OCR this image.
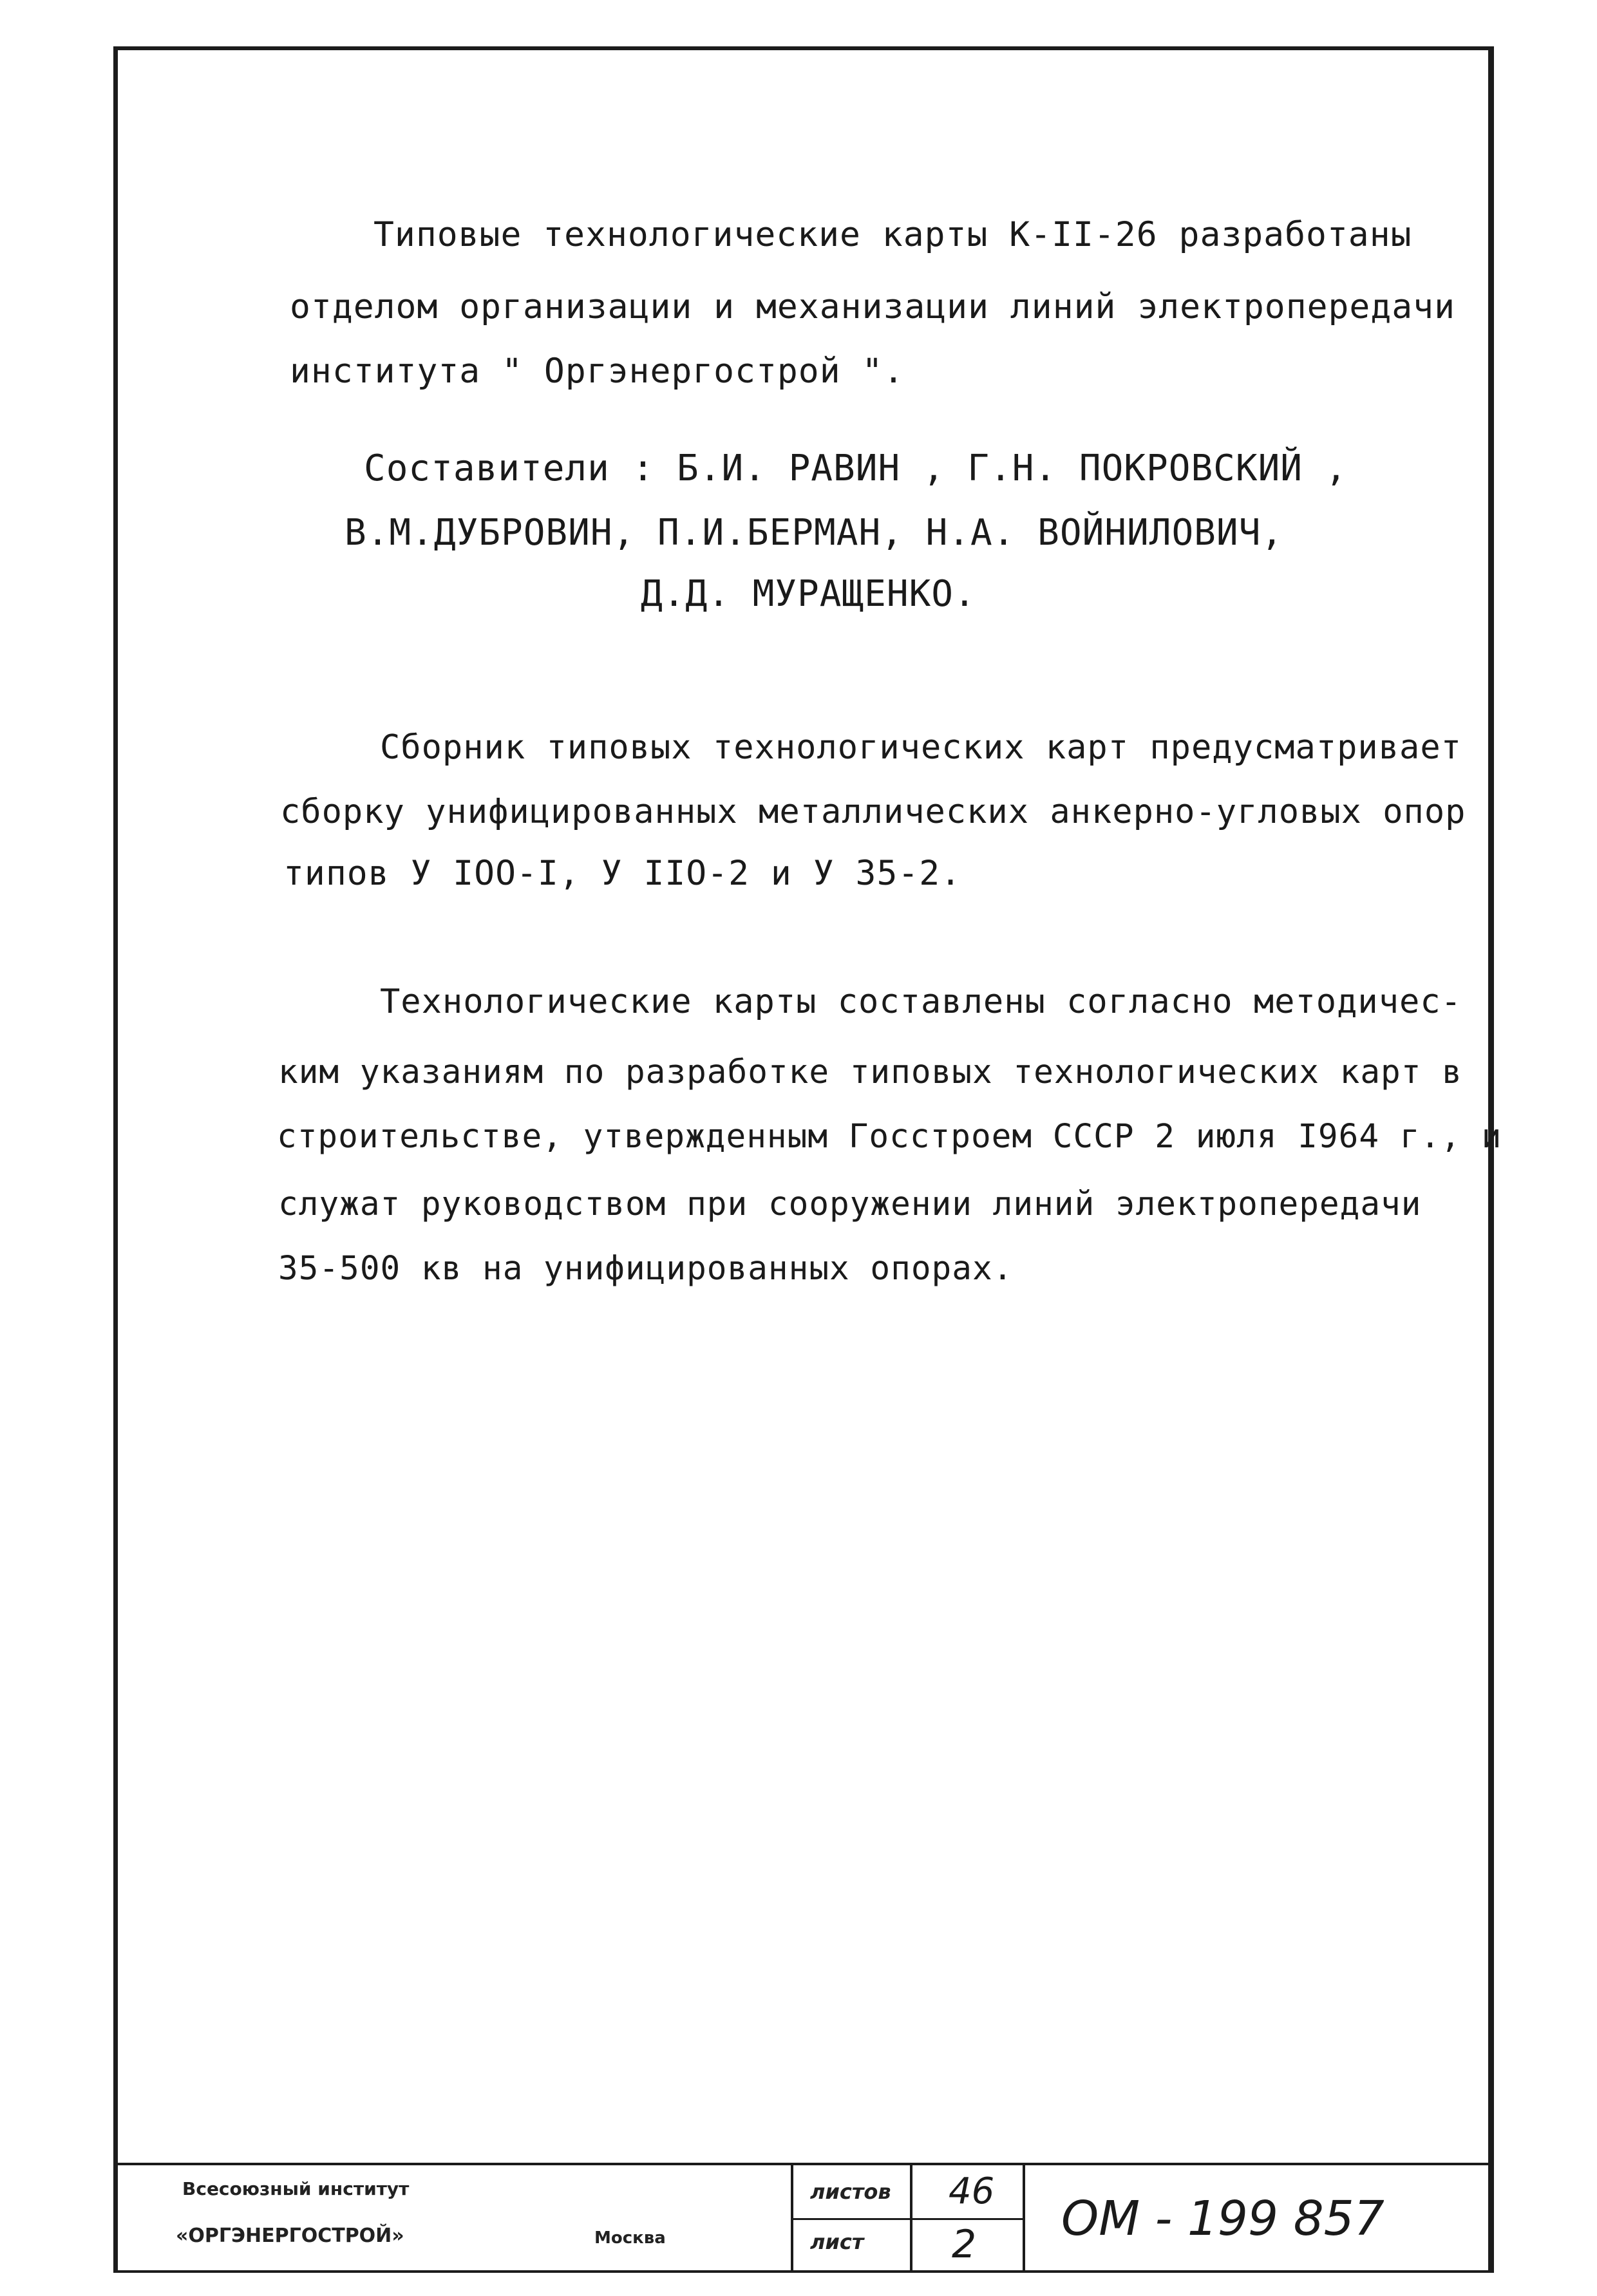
Типовые технологические карты К-II-26 разработаны
отделом организации и механизации линий электропередачи
института " Оргэнергострой ".
Составители : Б.И. РАВИН , Г.Н. ПОКРОВСКИЙ ,
В.М.ДУБРОВИН, П.И.БЕРМАН, Н.А. ВОЙНИЛОВИЧ,
Д.Д. МУРАЩЕНКО.
Сборник типовых технологических карт предусматривает
сборку унифицированных металлических анкерно-угловых опор
типов У IOO-I, У IIO-2 и У 35-2.
Технологические карты составлены согласно методичес-
ким указаниям по разработке типовых технологических карт в
строительстве, утвержденным Госстроем СССР 2 июля I964 г., и
служат руководством при сооружении линий электропередачи
35-500 кв на унифицированных опорах.
Всесоюзный институт
«ОРГЭНЕРГОСТРОЙ»	Москва
листов 46
лист 2 ОМ - 199 857
